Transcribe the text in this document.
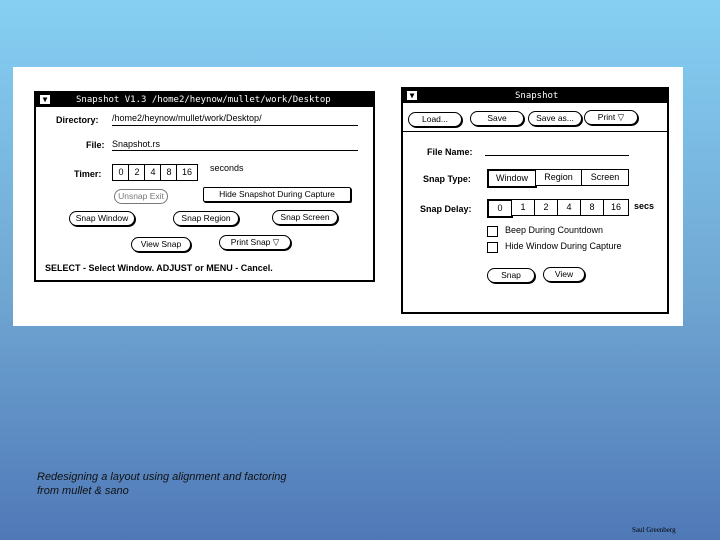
▼	Snapshot V1.3 /home2/heynow/mullet/work/Desktop
Directory: /home2/heynow/mullet/work/Desktop/
File: Snapshot.rs
Timer:	0	2	4	8	16	seconds
Unsnap Exit	Hide Snapshot During Capture
Snap Window	Snap Region	Snap Screen
View Snap	Print Snap ▽
SELECT - Select Window. ADJUST or MENU - Cancel.
▼	Snapshot
Load...	Save	Save as...	Print ▽
File Name:
Snap Type:	Window	Region	Screen
Snap Delay:	0	1	2	4	8	16	secs
Beep During Countdown
Hide Window During Capture
Snap	View
Redesigning a layout using alignment and factoring
from mullet & sano
Saul Greenberg
